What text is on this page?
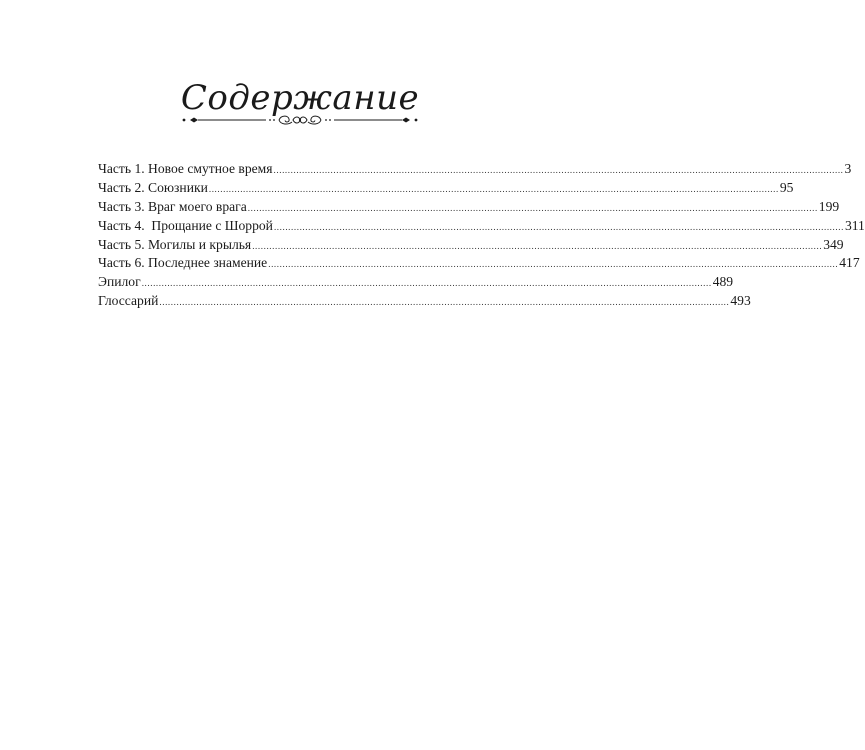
Содержание
Часть 1. Новое смутное время ........................................................................................................................................................................................................ 3
Часть 2. Союзники ........................................................................................................................................................................................................ 95
Часть 3. Враг моего врага ........................................................................................................................................................................................................ 199
Часть 4.  Прощание с Шоррой ........................................................................................................................................................................................................ 311
Часть 5. Могилы и крылья ........................................................................................................................................................................................................ 349
Часть 6. Последнее знамение ........................................................................................................................................................................................................ 417
Эпилог ........................................................................................................................................................................................................ 489
Глоссарий ........................................................................................................................................................................................................ 493
